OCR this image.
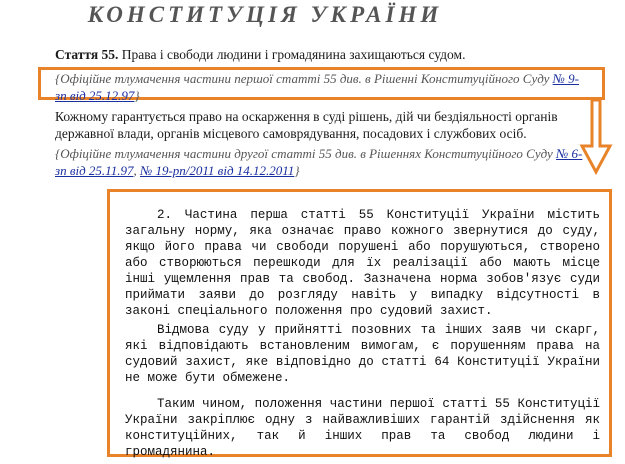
КОНСТИТУЦІЯ УКРАЇНИ
Стаття 55. Права і свободи людини і громадянина захищаються судом.
{Офіційне тлумачення частини першої статті 55 див. в Рішенні Конституційного Суду № 9-зп від 25.12.97}
Кожному гарантується право на оскарження в суді рішень, дій чи бездіяльності органів державної влади, органів місцевого самоврядування, посадових і службових осіб.
{Офіційне тлумачення частини другої статті 55 див. в Рішеннях Конституційного Суду № 6-зп від 25.11.97, № 19-рп/2011 від 14.12.2011}
2. Частина перша статті 55 Конституції України містить загальну норму, яка означає право кожного звернутися до суду, якщо його права чи свободи порушені або порушуються, створено або створюються перешкоди для їх реалізації або мають місце інші ущемлення прав та свобод. Зазначена норма зобов'язує суди приймати заяви до розгляду навіть у випадку відсутності в законі спеціального положення про судовий захист.
Відмова суду у прийнятті позовних та інших заяв чи скарг, які відповідають встановленим вимогам, є порушенням права на судовий захист, яке відповідно до статті 64 Конституції України не може бути обмежене.
Таким чином, положення частини першої статті 55 Конституції України закріплює одну з найважливіших гарантій здійснення як конституційних, так й інших прав та свобод людини і громадянина.
